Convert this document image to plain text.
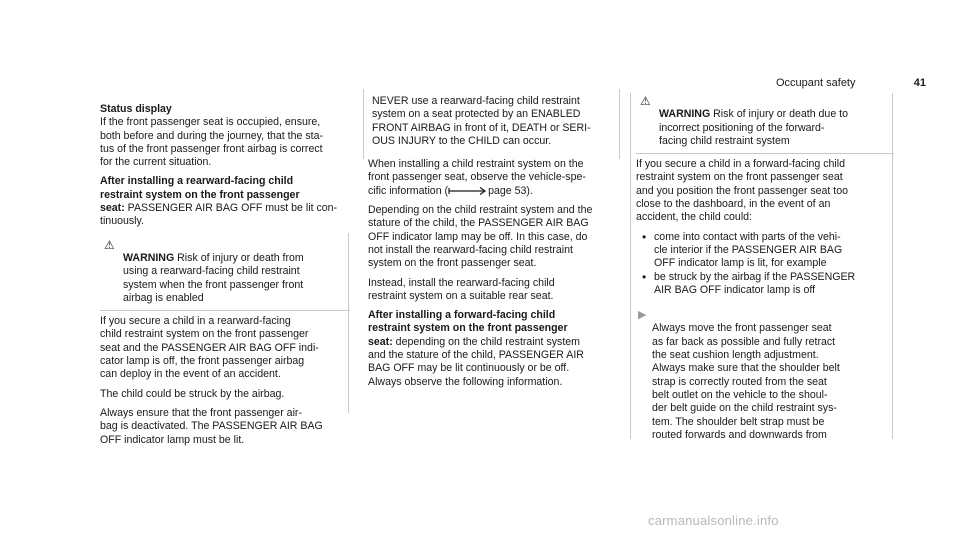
Occupant safety	41

Status display
If the front passenger seat is occupied, ensure,
both before and during the journey, that the sta-
tus of the front passenger front airbag is correct
for the current situation.

After installing a rearward-facing child
restraint system on the front passenger
seat: PASSENGER AIR BAG OFF must be lit con-
tinuously.

⚠
WARNING Risk of injury or death from
using a rearward-facing child restraint
system when the front passenger front
airbag is enabled

If you secure a child in a rearward-facing
child restraint system on the front passenger
seat and the PASSENGER AIR BAG OFF indi-
cator lamp is off, the front passenger airbag
can deploy in the event of an accident.

The child could be struck by the airbag.

Always ensure that the front passenger air-
bag is deactivated. The PASSENGER AIR BAG
OFF indicator lamp must be lit.

NEVER use a rearward-facing child restraint
system on a seat protected by an ENABLED
FRONT AIRBAG in front of it, DEATH or SERI-
OUS INJURY to the CHILD can occur.

When installing a child restraint system on the
front passenger seat, observe the vehicle-spe-
cific information (	page 53).

Depending on the child restraint system and the
stature of the child, the PASSENGER AIR BAG
OFF indicator lamp may be off. In this case, do
not install the rearward-facing child restraint
system on the front passenger seat.

Instead, install the rearward-facing child
restraint system on a suitable rear seat.

After installing a forward-facing child
restraint system on the front passenger
seat: depending on the child restraint system
and the stature of the child, PASSENGER AIR
BAG OFF may be lit continuously or be off.
Always observe the following information.

⚠
WARNING Risk of injury or death due to
incorrect positioning of the forward-
facing child restraint system

If you secure a child in a forward-facing child
restraint system on the front passenger seat
and you position the front passenger seat too
close to the dashboard, in the event of an
accident, the child could:

• come into contact with parts of the vehi-
cle interior if the PASSENGER AIR BAG
OFF indicator lamp is lit, for example
• be struck by the airbag if the PASSENGER
AIR BAG OFF indicator lamp is off

▶
Always move the front passenger seat
as far back as possible and fully retract
the seat cushion length adjustment.
Always make sure that the shoulder belt
strap is correctly routed from the seat
belt outlet on the vehicle to the shoul-
der belt guide on the child restraint sys-
tem. The shoulder belt strap must be
routed forwards and downwards from

carmanualsonline.info
